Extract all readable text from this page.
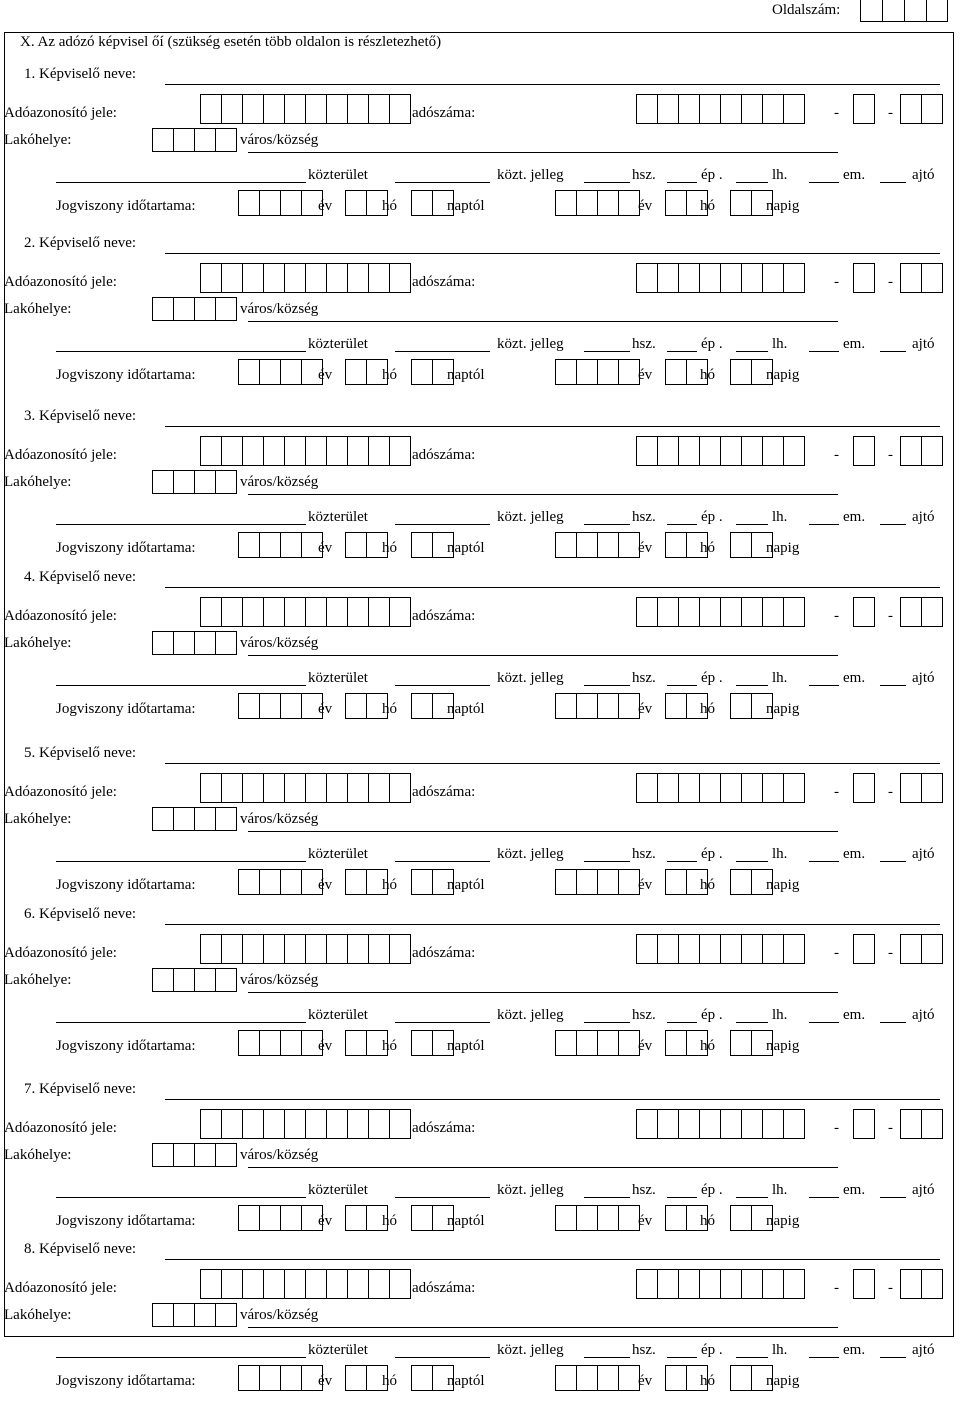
Oldalszám:
X. Az adózó képvisel őí (szükség esetén több oldalon is részletezhető)
1. Képviselő neve:
Adóazonosító jele:	adószáma:	-	-
Lakóhelye:	város/község
közterület	közt. jelleg	hsz.	ép .	lh.	em.	ajtó
Jogviszony időtartama:	év	hó	naptól	év	hó	napig
2. Képviselő neve:
Adóazonosító jele:	adószáma:	-	-
Lakóhelye:	város/község
közterület	közt. jelleg	hsz.	ép .	lh.	em.	ajtó
Jogviszony időtartama:	év	hó	naptól	év	hó	napig
3. Képviselő neve:
Adóazonosító jele:	adószáma:	-	-
Lakóhelye:	város/község
közterület	közt. jelleg	hsz.	ép .	lh.	em.	ajtó
Jogviszony időtartama:	év	hó	naptól	év	hó	napig
4. Képviselő neve:
Adóazonosító jele:	adószáma:	-	-
Lakóhelye:	város/község
közterület	közt. jelleg	hsz.	ép .	lh.	em.	ajtó
Jogviszony időtartama:	év	hó	naptól	év	hó	napig
5. Képviselő neve:
Adóazonosító jele:	adószáma:	-	-
Lakóhelye:	város/község
közterület	közt. jelleg	hsz.	ép .	lh.	em.	ajtó
Jogviszony időtartama:	év	hó	naptól	év	hó	napig
6. Képviselő neve:
Adóazonosító jele:	adószáma:	-	-
Lakóhelye:	város/község
közterület	közt. jelleg	hsz.	ép .	lh.	em.	ajtó
Jogviszony időtartama:	év	hó	naptól	év	hó	napig
7. Képviselő neve:
Adóazonosító jele:	adószáma:	-	-
Lakóhelye:	város/község
közterület	közt. jelleg	hsz.	ép .	lh.	em.	ajtó
Jogviszony időtartama:	év	hó	naptól	év	hó	napig
8. Képviselő neve:
Adóazonosító jele:	adószáma:	-	-
Lakóhelye:	város/község
közterület	közt. jelleg	hsz.	ép .	lh.	em.	ajtó
Jogviszony időtartama:	év	hó	naptól	év	hó	napig
